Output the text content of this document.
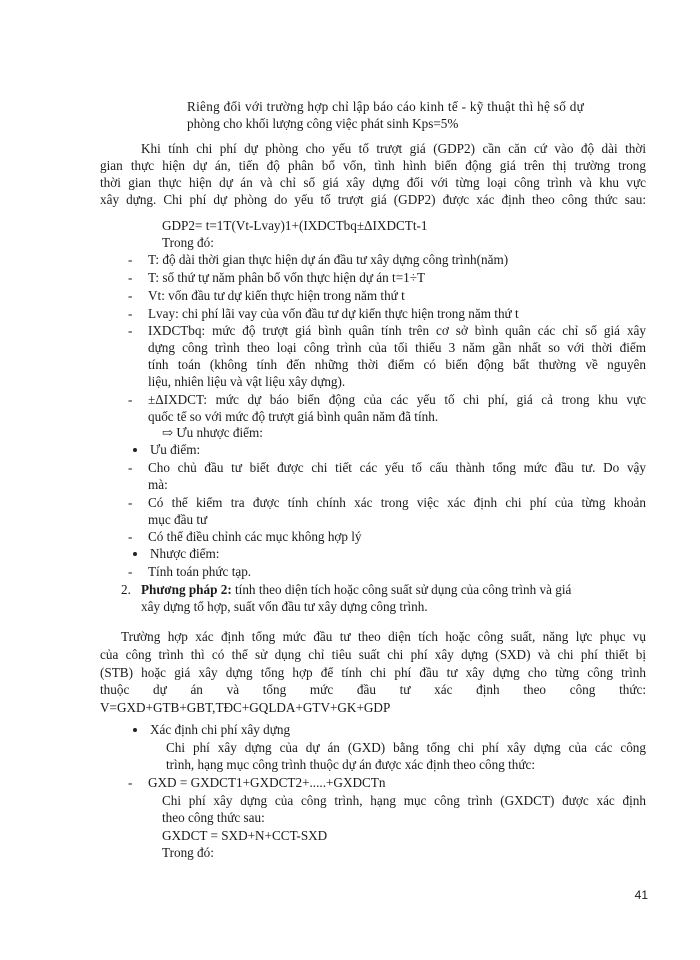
Riêng đối với trường hợp chỉ lập báo cáo kinh tế - kỹ thuật thì hệ số dự
phòng cho khối lượng công việc phát sinh Kps=5%
Khi tính chi phí dự phòng cho yếu tố trượt giá (GDP2) cần căn cứ vào độ dài thời
gian thực hiện dự án, tiến độ phân bổ vốn, tình hình biến động giá trên thị trường trong
thời gian thực hiện dự án và chỉ số giá xây dựng đối với từng loại công trình và khu vực
xây dựng. Chi phí dự phòng do yếu tố trượt giá (GDP2) được xác định theo công thức sau:
GDP2= t=1T(Vt-Lvay)1+(IXDCTbq±ΔIXDCTt-1
Trong đó:
- T: độ dài thời gian thực hiện dự án đầu tư xây dựng công trình(năm)
- T: số thứ tự năm phân bổ vốn thực hiện dự án t=1÷T
- Vt: vốn đầu tư dự kiến thực hiện trong năm thứ t
- Lvay: chi phí lãi vay của vốn đầu tư dự kiến thực hiện trong năm thứ t
- IXDCTbq: mức độ trượt giá bình quân tính trên cơ sở bình quân các chỉ số giá xây
dựng công trình theo loại công trình của tối thiểu 3 năm gần nhất so với thời điểm
tính toán (không tính đến những thời điểm có biến động bất thường về nguyên
liệu, nhiên liệu và vật liệu xây dựng).
- ±ΔIXDCT: mức dự báo biến động của các yếu tố chi phí, giá cả trong khu vực
quốc tế so với mức độ trượt giá bình quân năm đã tính.
⇨ Ưu nhược điểm:
Ưu điểm:
- Cho chủ đầu tư biết được chi tiết các yếu tố cấu thành tổng mức đầu tư. Do vậy
mà:
- Có thể kiểm tra được tính chính xác trong việc xác định chi phí của từng khoản
mục đầu tư
- Có thể điều chỉnh các mục không hợp lý
Nhược điểm:
- Tính toán phức tạp.
2. Phương pháp 2: tính theo diện tích hoặc công suất sử dụng của công trình và giá
xây dựng tổ hợp, suất vốn đầu tư xây dựng công trình.
Trường hợp xác định tổng mức đầu tư theo diện tích hoặc công suất, năng lực phục vụ
của công trình thì có thể sử dụng chỉ tiêu suất chi phí xây dựng (SXD) và chi phí thiết bị
(STB) hoặc giá xây dựng tổng hợp để tính chi phí đầu tư xây dựng cho từng công trình
thuộc dự án và tổng mức đầu tư xác định theo công thức:
V=GXD+GTB+GBT,TĐC+GQLDA+GTV+GK+GDP
Xác định chi phí xây dựng
Chi phí xây dựng của dự án (GXD) bằng tổng chi phí xây dựng của các công
trình, hạng mục công trình thuộc dự án được xác định theo công thức:
- GXD = GXDCT1+GXDCT2+.....+GXDCTn
Chi phí xây dựng của công trình, hạng mục công trình (GXDCT) được xác định
theo công thức sau:
GXDCT = SXD+N+CCT-SXD
Trong đó:
41
